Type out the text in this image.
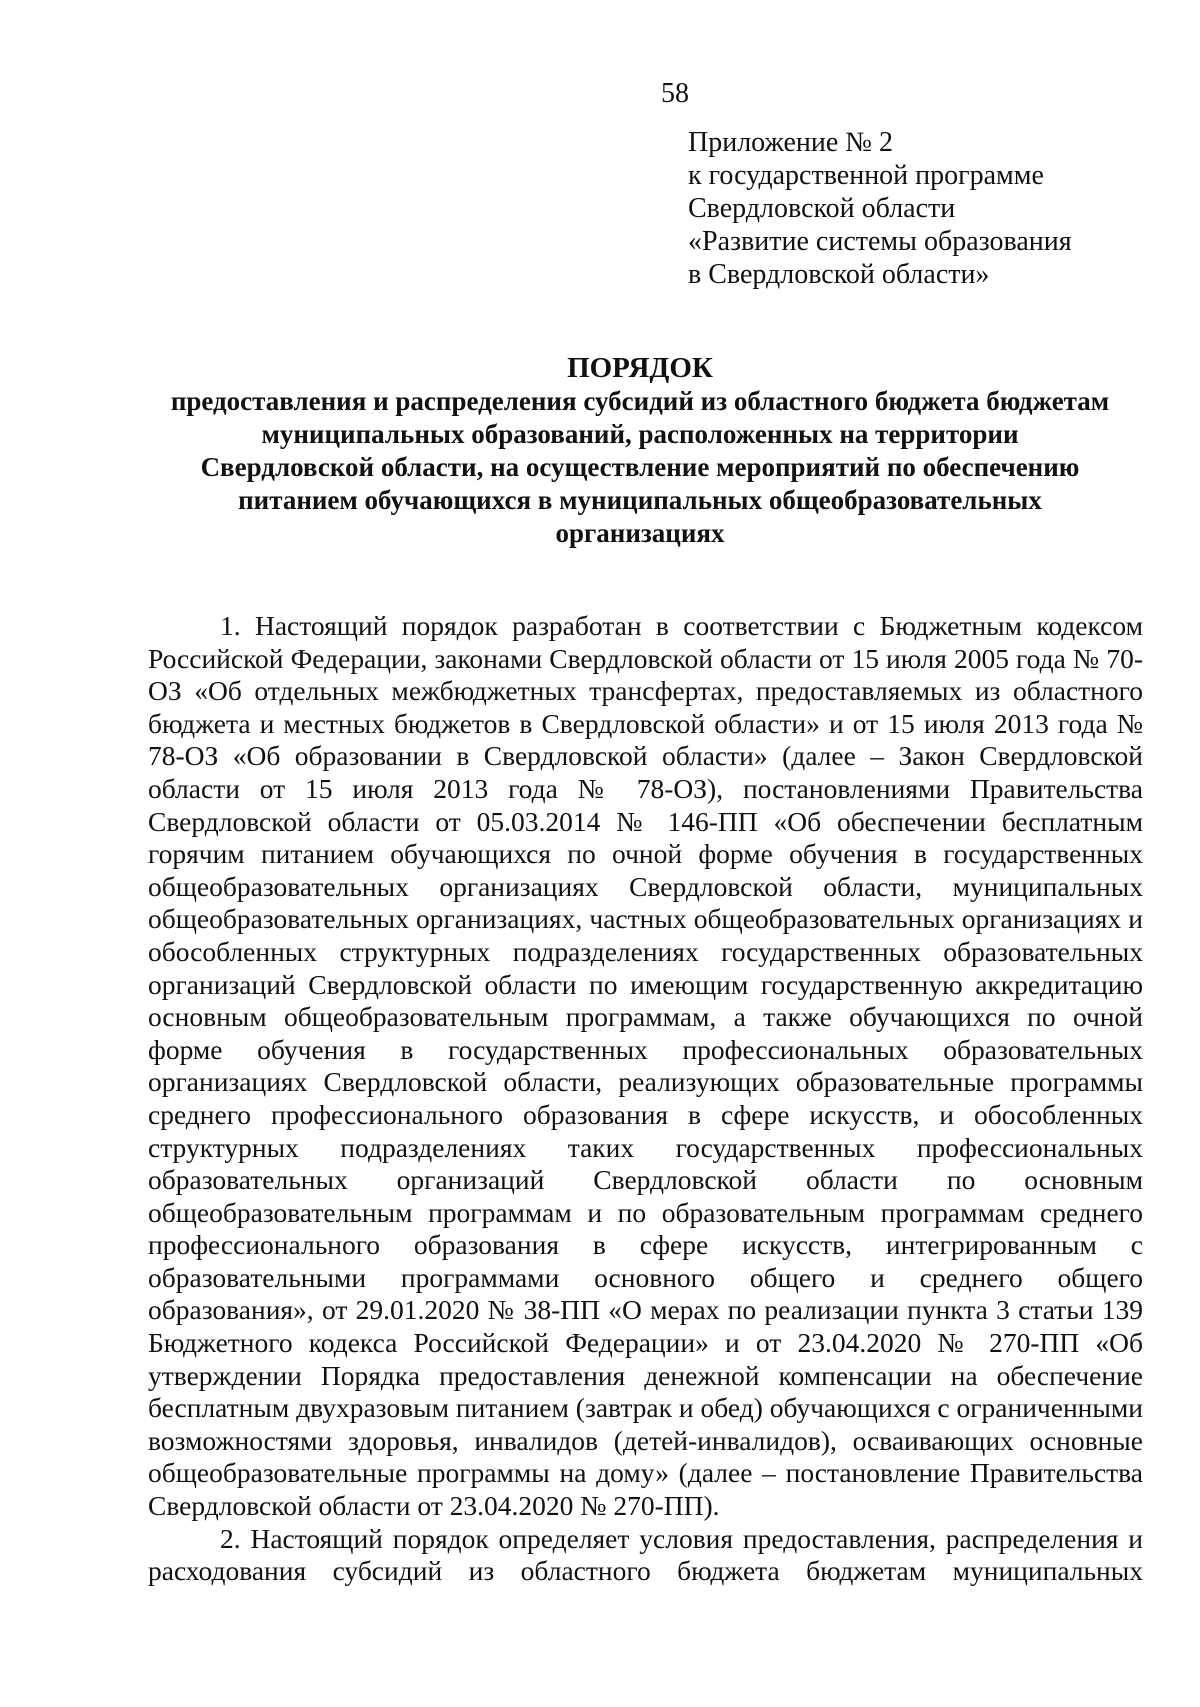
58
Приложение № 2
к государственной программе
Свердловской области
«Развитие системы образования
в Свердловской области»
ПОРЯДОК
предоставления и распределения субсидий из областного бюджета бюджетам
муниципальных образований, расположенных на территории
Свердловской области, на осуществление мероприятий по обеспечению
питанием обучающихся в муниципальных общеобразовательных
организациях

1. Настоящий порядок разработан в соответствии с Бюджетным кодексом Российской Федерации, законами Свердловской области от 15 июля 2005 года № 70-ОЗ «Об отдельных межбюджетных трансфертах, предоставляемых из областного бюджета и местных бюджетов в Свердловской области» и от 15 июля 2013 года № 78-ОЗ «Об образовании в Свердловской области» (далее – Закон Свердловской области от 15 июля 2013 года № 78-ОЗ), постановлениями Правительства Свердловской области от 05.03.2014 № 146-ПП «Об обеспечении бесплатным горячим питанием обучающихся по очной форме обучения в государственных общеобразовательных организациях Свердловской области, муниципальных общеобразовательных организациях, частных общеобразовательных организациях и обособленных структурных подразделениях государственных образовательных организаций Свердловской области по имеющим государственную аккредитацию основным общеобразовательным программам, а также обучающихся по очной форме обучения в государственных профессиональных образовательных организациях Свердловской области, реализующих образовательные программы среднего профессионального образования в сфере искусств, и обособленных структурных подразделениях таких государственных профессиональных образовательных организаций Свердловской области по основным общеобразовательным программам и по образовательным программам среднего профессионального образования в сфере искусств, интегрированным с образовательными программами основного общего и среднего общего образования», от 29.01.2020 № 38-ПП «О мерах по реализации пункта 3 статьи 139 Бюджетного кодекса Российской Федерации» и от 23.04.2020 № 270-ПП «Об утверждении Порядка предоставления денежной компенсации на обеспечение бесплатным двухразовым питанием (завтрак и обед) обучающихся с ограниченными возможностями здоровья, инвалидов (детей-инвалидов), осваивающих основные общеобразовательные программы на дому» (далее – постановление Правительства Свердловской области от 23.04.2020 № 270-ПП).

2. Настоящий порядок определяет условия предоставления, распределения и расходования субсидий из областного бюджета бюджетам муниципальных
